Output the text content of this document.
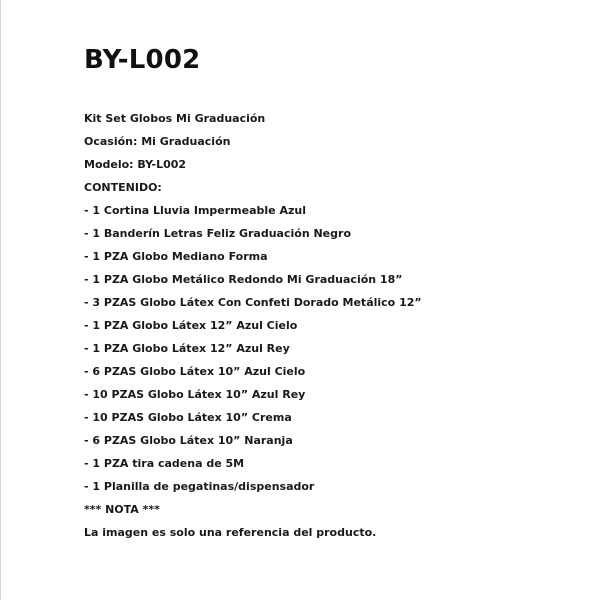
BY-L002
Kit Set Globos Mi Graduación
Ocasión: Mi Graduación
Modelo: BY-L002
CONTENIDO:
- 1 Cortina Lluvia Impermeable Azul
- 1 Banderín Letras Feliz Graduación Negro
- 1 PZA Globo Mediano Forma
- 1 PZA Globo Metálico Redondo Mi Graduación 18”
- 3 PZAS Globo Látex Con Confeti Dorado Metálico 12”
- 1 PZA Globo Látex 12” Azul Cielo
- 1 PZA Globo Látex 12” Azul Rey
- 6 PZAS Globo Látex 10” Azul Cielo
- 10 PZAS Globo Látex 10” Azul Rey
- 10 PZAS Globo Látex 10” Crema
- 6 PZAS Globo Látex 10” Naranja
- 1 PZA tira cadena de 5M
- 1 Planilla de pegatinas/dispensador
*** NOTA ***
La imagen es solo una referencia del producto.
